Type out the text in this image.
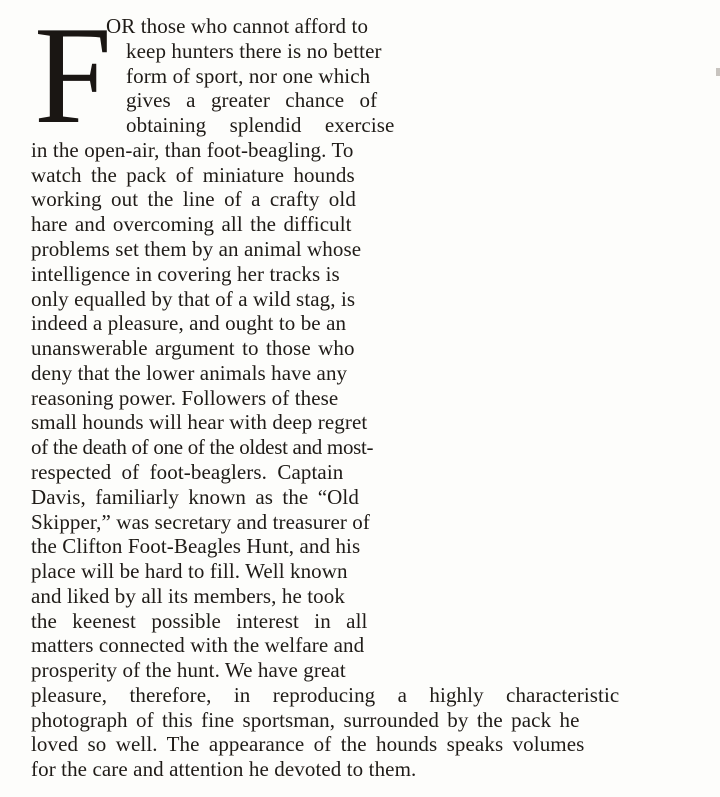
F
OR those who cannot afford to
keep hunters there is no better
form of sport, nor one which
gives a greater chance of
obtaining splendid exercise
in the open-air, than foot-beagling. To
watch the pack of miniature hounds
working out the line of a crafty old
hare and overcoming all the difficult
problems set them by an animal whose
intelligence in covering her tracks is
only equalled by that of a wild stag, is
indeed a pleasure, and ought to be an
unanswerable argument to those who
deny that the lower animals have any
reasoning power. Followers of these
small hounds will hear with deep regret
of the death of one of the oldest and most-
respected of foot-beaglers. Captain
Davis, familiarly known as the “Old
Skipper,” was secretary and treasurer of
the Clifton Foot-Beagles Hunt, and his
place will be hard to fill. Well known
and liked by all its members, he took
the keenest possible interest in all
matters connected with the welfare and
prosperity of the hunt. We have great
pleasure, therefore, in reproducing a highly characteristic
photograph of this fine sportsman, surrounded by the pack he
loved so well. The appearance of the hounds speaks volumes
for the care and attention he devoted to them.
